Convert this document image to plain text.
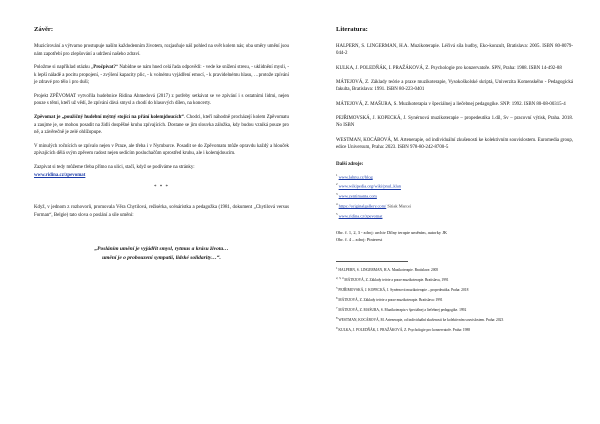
Závěr:

Muzicírování a výtvarno prostupuje naším každodenním životem, rozjasňuje náš pohled na svět kolem nás; oba směry umění jsou nám zapotřebí pro zlepšování a udržení našeho zdraví.

Položme si například otázku „Pročpívat?“ Nabídne se nám hned celá řada odpovědí: - vede ke snížení stresu, - uklidnění mysli, - k lepší náladě a pocitu propojení, - zvýšení kapacity plic, - k volnému vyjádření emocí, - k pravidelnému hlasu, …protože zpívání je zdravé pro tělo i pro duši;

Projekt ZPĚVOMAT vytvořila hudebnice Ridina Ahmedová (2017) z potřeby setkávat se ve zpívání i s ostatními lidmi, ne‌‌jen pouze s těmi, kteří už vědí, že zpívání dává smysl a chodí do hlasových dílen, na koncerty.

Zpěvomat je „použičný hudební mýtný stojící na přání kolemjdoucích“. Chodci, kteří náhodně procházejí kolem Zpěvomatu a zaujme je, se mohou posadit na židli dospěšné kruhu zpívajících. Dostane se jim slouvka záložka, kdy budou vzniká pouze pro ně, a závěrečně je zelé ohlížopupe.

V minulých ročnících se zpívalo nejen v Praze, ale třeba i v Nymburce. Posadit se do Zpěvomatu může opravdu každý a hlouček zpívajících dělá svým zpěvem radost nejen sedícím posluchačům uprostřed kruhu, ale i kolemjdoucím.

Zazpívat si tedy můžeme třeba přímo na ulici, stačí, když se podíváme na stránky:
www.ridina.cz/zpevomat

* * *

Když, v jednom z rozhovorů, promovala Věra Chytilová, režisérka, scénáristka a pedagožka (1981, dokument „Chytilová versus Forman“, Belgie) tato slova o poslání a síle umění:

„Posláním umění je vyjádřit smysl, rytmus a krásu života…
umění je o probouzení sympatií, lidské solidarity…“.
Literatura:

HALPERN, S. LINGERMAN, H.A. Muzikoterapie. Léčivá síla hudby, Eko-konzult, Bratislava: 2005. ISBN 80-8079-044-2

KULKA, J. POLEDŇÁK, I. PRAŽÁKOVÁ, Z. Psychologie pro konzervatoře. SPN, Praha: 1988. ISBN 14-492-88

MÁTEJOVÁ, Z. Základy teórie a praxe muzikoterapie, Vysokoškolské skriptá, Univerzita Komenského - Pedagogická fakulta, Bratislava: 1991. ISBN 80-223-0401

MÁTEJOVÁ, Z. MAŠURA, S. Muzikoterapia v špeciálnej a liečebnej pedagogike. SNP: 1992. ISBN 80-08-00315-4

PEJŘIMOVSKÁ, J. KOPECKÁ, J. Synérnová muzikoterapie – propedeutika 1.díl, Sv – pracovní výtisk, Praha. 2018. No ISBN

WESTMAN, KOCÁBOVÁ, M. Artenerapie, od individuální zkušenosti ke kolektivním souvislostem. Euromedia group, edice Universum, Praha: 2023. ISBN 978-80-242-8700-5

Další zdroje:
$^1$ www.lahnu.cz/blog
$^2$ www.wikipedia.org/wiki/pnul_klan
$^3$ www.zentimanta.com
$^4$ https://originalgallery.com/ Sitiak Marcei
$^5$ www.ridina.cz/zpevomat
Obr. č. 1, 2, 3 - zdroj: archiv Dílny terapie uměním, autorky JK
Obr. č. 4 – zdroj: Pinterest
$^1$ HALPERN, S. LINGERMAN, H.A. Muzikoterapie. Bratislava: 2005
$^{2, 3, 4}$ MÁTEJOVÁ, Z. Základy teórie a praxe muzikoterapie. Bratislava, 1991
$^5$ PEJŘIMOVSKÁ, J. KOPECKÁ, J. Synérnová muzikoterapie – propedeutika. Praha: 2018
$^6$ MÁTEJOVÁ, Z. Základy teórie a praxe muzikoterapie. Bratislava: 1991
$^7$ MÁTEJOVÁ, Z. MAŠURA, S. Muzikoterapia v špeciálnej a liečebnej pedagogike. 1992
$^8$ WESTMAN, KOCÁBOVÁ, M. Artenerapie, od individuální zkušenosti ke kolektivním souvislostem. Praha: 2023
$^9$ KULKA, J. POLEDŇÁK, I. PRAŽÁKOVÁ, Z. Psychologie pro konzervatoře. Praha: 1988
